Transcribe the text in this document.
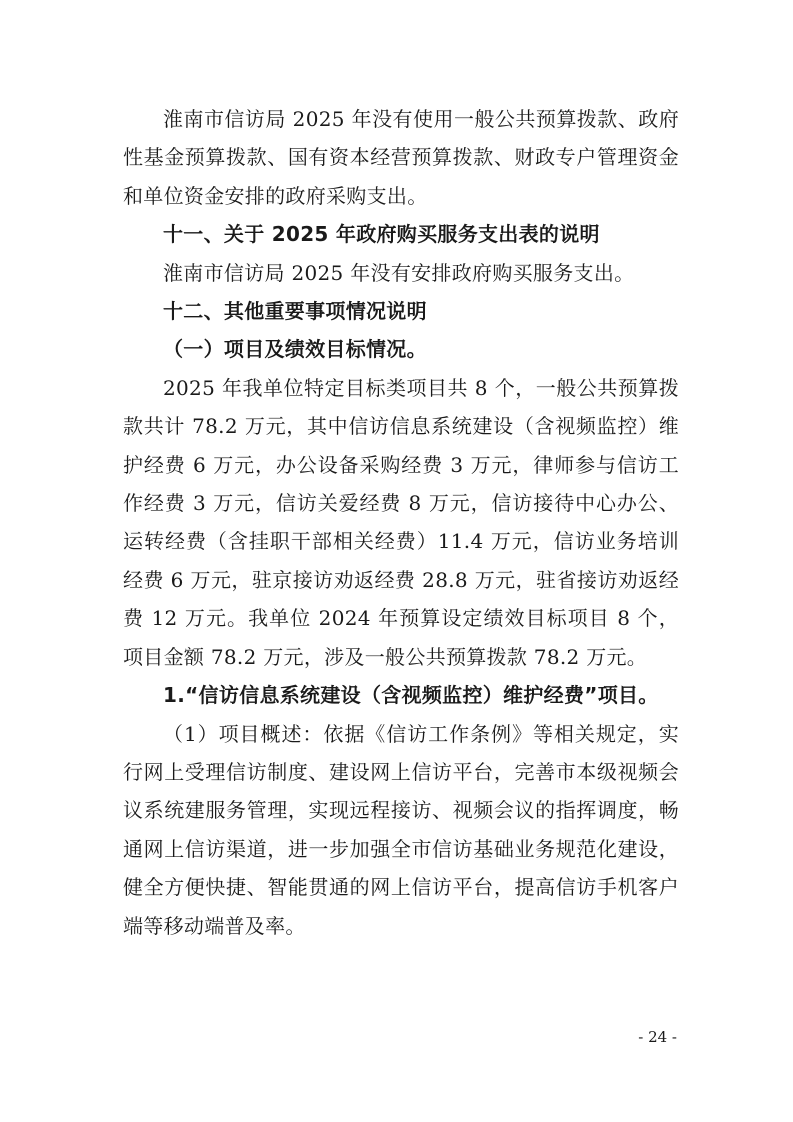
淮南市信访局 2025 年没有使用一般公共预算拨款、政府性基金预算拨款、国有资本经营预算拨款、财政专户管理资金和单位资金安排的政府采购支出。

十一、关于 2025 年政府购买服务支出表的说明

淮南市信访局 2025 年没有安排政府购买服务支出。

十二、其他重要事项情况说明

（一）项目及绩效目标情况。

2025 年我单位特定目标类项目共 8 个，一般公共预算拨款共计 78.2 万元，其中信访信息系统建设（含视频监控）维护经费 6 万元，办公设备采购经费 3 万元，律师参与信访工作经费 3 万元，信访关爱经费 8 万元，信访接待中心办公、运转经费（含挂职干部相关经费）11.4 万元，信访业务培训经费 6 万元，驻京接访劝返经费 28.8 万元，驻省接访劝返经费 12 万元。我单位 2024 年预算设定绩效目标项目 8 个，项目金额 78.2 万元，涉及一般公共预算拨款 78.2 万元。

1.“信访信息系统建设（含视频监控）维护经费”项目。

（1）项目概述：依据《信访工作条例》等相关规定，实行网上受理信访制度、建设网上信访平台，完善市本级视频会议系统建服务管理，实现远程接访、视频会议的指挥调度，畅通网上信访渠道，进一步加强全市信访基础业务规范化建设，健全方便快捷、智能贯通的网上信访平台，提高信访手机客户端等移动端普及率。

- 24 -
